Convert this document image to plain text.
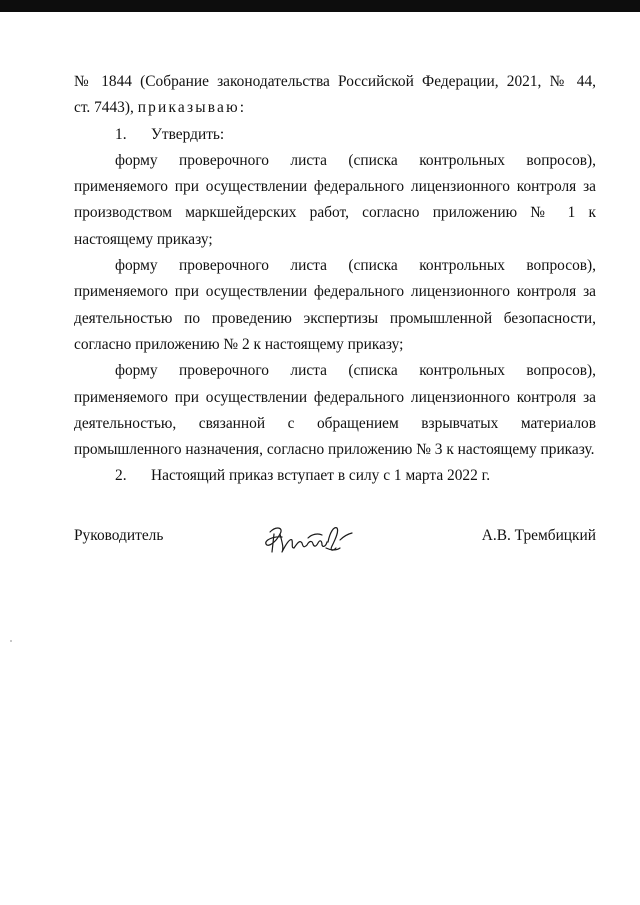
№ 1844 (Собрание законодательства Российской Федерации, 2021, № 44,

ст. 7443), приказываю:

1.	Утвердить:

форму проверочного листа (списка контрольных вопросов), применяемого при осуществлении федерального лицензионного контроля за производством маркшейдерских работ, согласно приложению № 1 к настоящему приказу;

форму проверочного листа (списка контрольных вопросов), применяемого при осуществлении федерального лицензионного контроля за деятельностью по проведению экспертизы промышленной безопасности, согласно приложению № 2 к настоящему приказу;

форму проверочного листа (списка контрольных вопросов), применяемого при осуществлении федерального лицензионного контроля за деятельностью, связанной с обращением взрывчатых материалов промышленного назначения, согласно приложению № 3 к настоящему приказу.

2.	Настоящий приказ вступает в силу с 1 марта 2022 г.

Руководитель	А.В. Трембицкий
